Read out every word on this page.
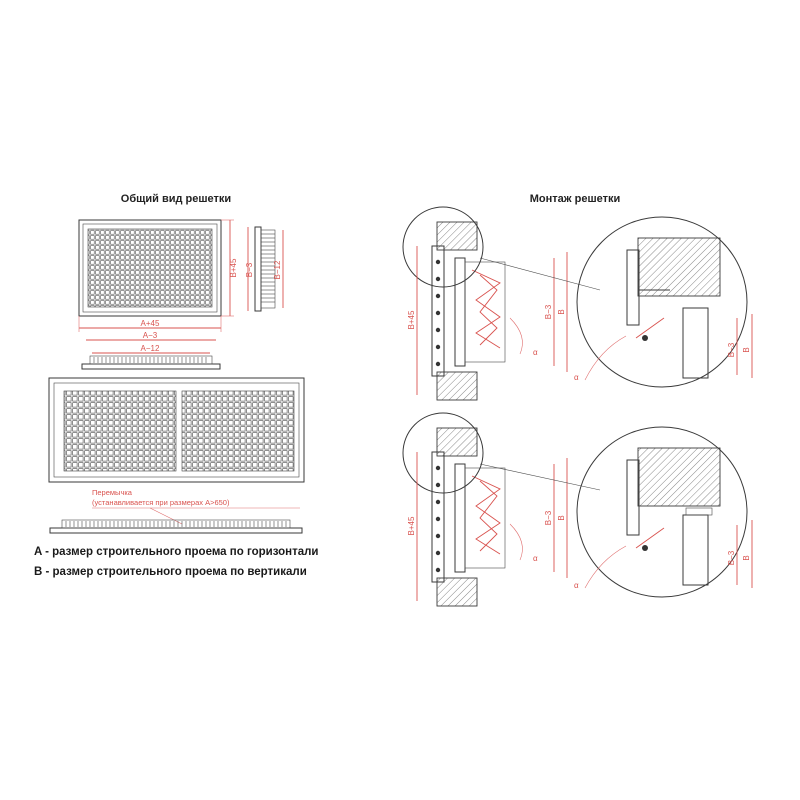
Общий вид решетки	Монтаж решетки
B+45
A+45
B−3 B−12
A−3
A−12
Перемычка
(устанавливается при размерах A>650)
A - размер строительного проема по горизонтали
B - размер строительного проема по вертикали
B+45	B−3 B
α	B−3 B
α
B+45	B−3 B
α	B−3 B
α
